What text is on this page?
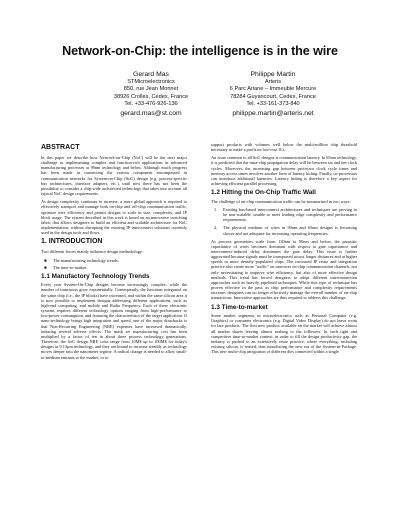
Network-on-Chip: the intelligence is in the wire
Gerard Mas
STMicroelectronics
850, rue Jean Monnet
38926 Crolles, Cedex, France
Tel. +33-476-926-136
gerard.mas@st.com
Philippe Martin
Arteris
6 Parc Ariane – Immeuble Mercure
78284 Guyancourt, Cedex, France
Tel. +33-161-373-840
philippe.martin@arteris.net
ABSTRACT

In this paper we describe how Network-on-Chip (NoC) will be the next major challenge to implementing complex and function-rich applications in advanced manufacturing processes at 90nm technology and below. Although much progress has been made in connecting the various component encompassed in communication networks for System-on-Chip (SoC) design (e.g. process-specific bus architectures, interface adapters, etc.), until now there has not been the possibility to consider a chip-wide architected technology that takes into account all typical NoC design requirements.

As design complexity continues to increase, a more global approach is required to effectively transport and manage both on-chip and off-chip communication traffic, optimize wire efficiency and permit designs to scale in size, complexity, and IP block usage. The system described in this work is based on an innovative switching fabric that allows designers to build an efficient and scalable architecture for NoC implementation, without disrupting the existing IP interconnect solutions currently used in the design tools and flows.

1. INTRODUCTION

Two different forces mainly influence design methodology:

■ The manufacturing technology trends;
■ The time-to-market.
1.1 Manufactory Technology Trends

Every year System-On-Chip designs become increasingly complex, while the number of transistors grow exponentially. Consequently, the functions integrated on the same chip (i.e., the IP blocks) have increased, and within the same silicon area it is now possible to implement designs addressing different applications, such as high-end computing, and mobile and Radio Frequency. Each of these electronic systems requires different technology options ranging from high-performance to low-power consumption, and featuring the characteristics of the target application. If nano-technology brings high integration and speed, one of the major drawbacks is that Non-Recurring Engineering (NRE) expenses have increased dramatically, inducing several adverse effects. The mask set manufacturing cost has been multiplied by a factor of ten in about three process technology generations. Therefore, the SoC design NRE costs range from 10M$ up to 100M$ for today's designs in 0.13µm technology, and they are bound to increase steadily as technology moves deeper into the nanometer regime. A radical change is needed to allow small-to-medium entrants to the market, or to

support products with volumes well below the multi-million chip threshold necessary to make a profit on low-cost ICs.

An issue common to all SoC designs is communication latency. In 65nm technology, it is predicted that the intra-chip propagation delay will be between six and ten clock cycles. Moreover, the increasing gap between processor clock cycle times and memory access times involves another form of latency hiding. Finally, co-processors can introduce additional latencies. Latency hiding is therefore a key aspect for achieving efficient parallel processing.

1.2 Hitting the On-Chip Traffic Wall

The challenge of on-chip communication traffic can be summarized in two ways:

1. Existing bus-based interconnect architectures and techniques are proving to be non-scalable, unable to meet leading edge complexity and performance requirements;
2. The physical medium of wires in 90nm and 65nm designs is becoming slower and not adequate for increasing operating frequencies.

As process geometries scale from 130nm to 90nm and below, the parasitic capacitance of wires becomes dominant with respect to gate capacitance and interconnect-induced delay dominates the gate delay. This issue is further aggravated because signals must be transported across longer distances and at higher speeds in more densely populated chips. The increased IP reuse and integration practice also create more "traffic" on narrower on-chip communication channels, not only necessitating to improve wire efficiency, but also of more effective design methods. This trend has forced designers to adopt different interconnection approaches such as heavily pipelined techniques. While this type of technique has proven effective in the past, as chip performance and complexity requirements increase, designers can no longer effectively manage the overall number of on-chip transactions. Innovative approaches are thus required to address this challenge.

1.3 Time-to-market

Some market segments in microelectronics such as Personal Computer (e.g. Graphics) or consumer electronics (e.g. Digital Video Display) do not leave room for late products. The first new product available on the market will achieve almost all market shares leaving almost nothing to the followers. In such tight and competitive time-to-market context, in order to fill the design productivity gap, the industry is pushed to an extensively reuse practice, where everything, including existing silicon, is reused, thus introducing the new era of the System-in-Package. This new multi-chip integration of different dies connected within a single
